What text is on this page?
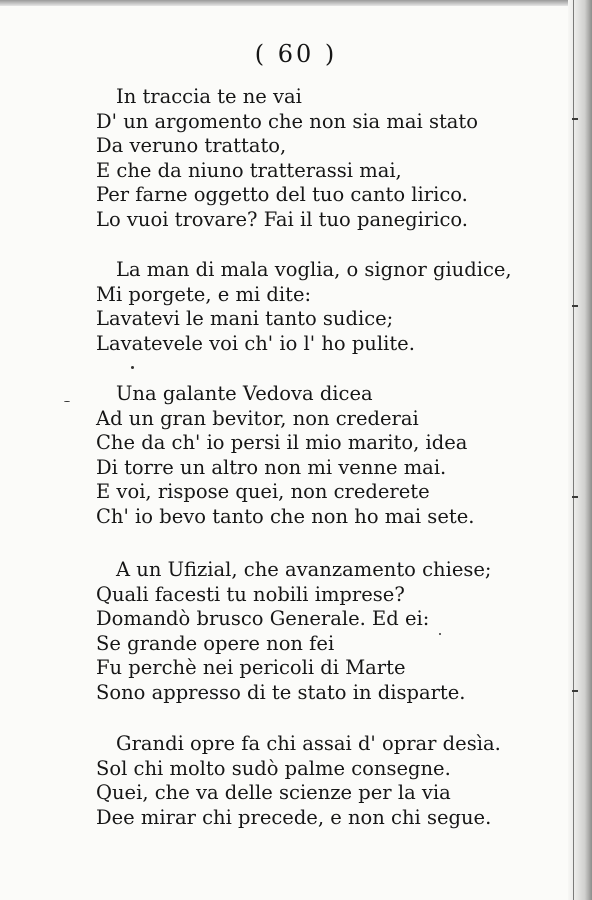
( 60 )

In traccia te ne vai
D' un argomento che non sia mai stato
Da veruno trattato,
E che da niuno tratterassi mai,
Per farne oggetto del tuo canto lirico.
Lo vuoi trovare? Fai il tuo panegirico.

La man di mala voglia, o signor giudice,
Mi porgete, e mi dite:
Lavatevi le mani tanto sudice;
Lavatevele voi ch' io l' ho pulite.

Una galante Vedova dicea
Ad un gran bevitor, non crederai
Che da ch' io persi il mio marito, idea
Di torre un altro non mi venne mai.
E voi, rispose quei, non crederete
Ch' io bevo tanto che non ho mai sete.

A un Ufizial, che avanzamento chiese;
Quali facesti tu nobili imprese?
Domandò brusco Generale. Ed ei:
Se grande opere non fei
Fu perchè nei pericoli di Marte
Sono appresso di te stato in disparte.

Grandi opre fa chi assai d' oprar desìa.
Sol chi molto sudò palme consegne.
Quei, che va delle scienze per la via
Dee mirar chi precede, e non chi segue.
